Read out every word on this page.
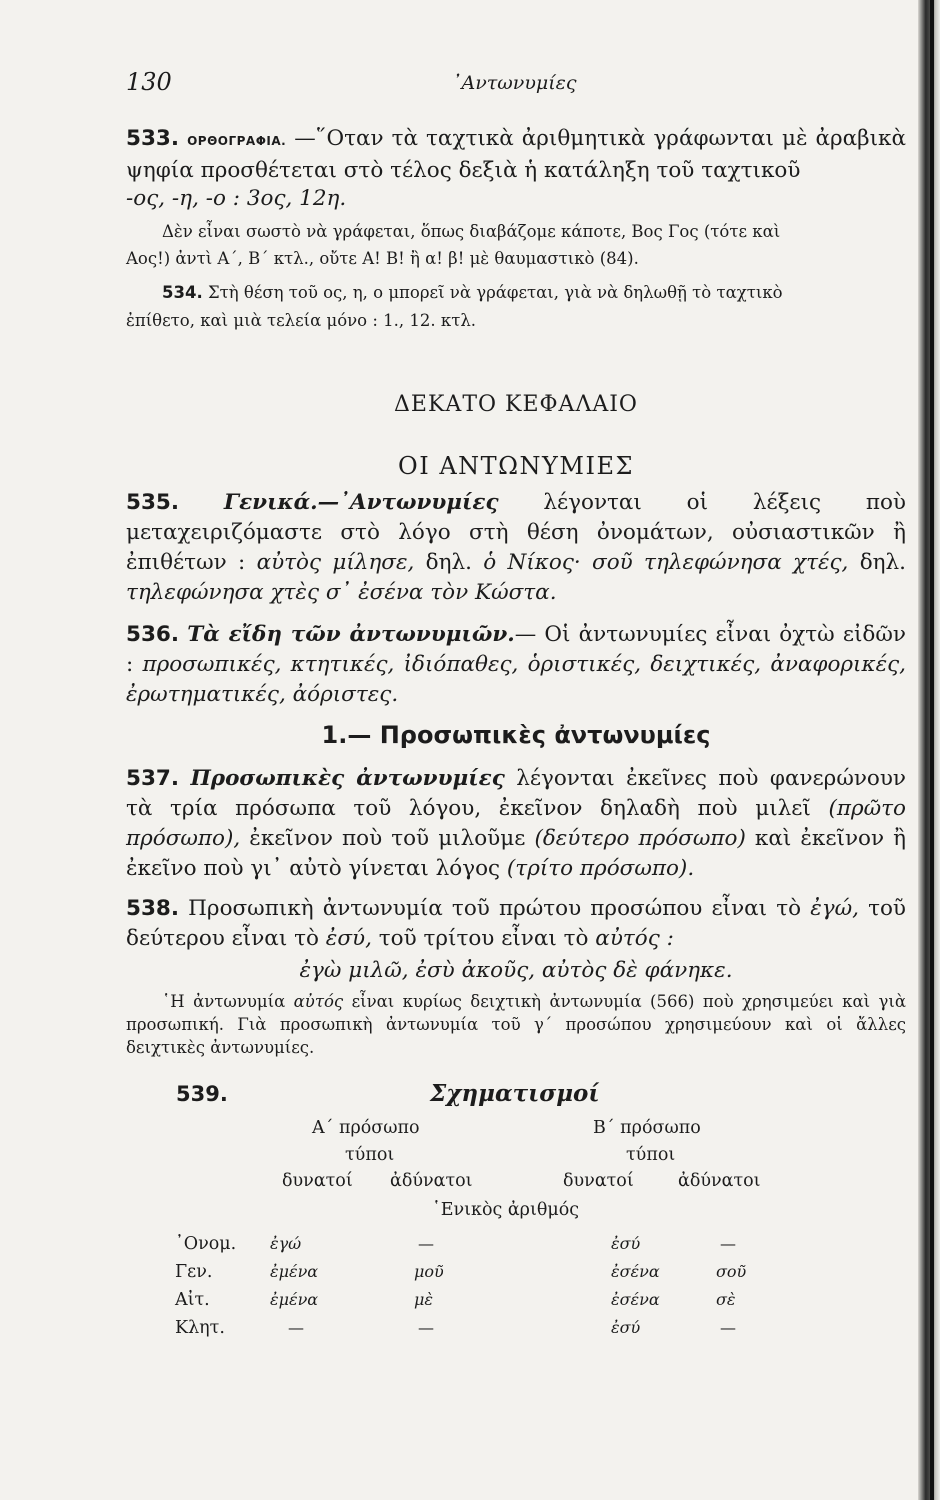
130	᾿Αντωνυμίες
533. ΟΡΘΟΓΡΑΦΙΑ. —῞Οταν τὰ ταχτικὰ ἀριθμητικὰ γράφωνται μὲ ἀραβικὰ ψηφία προσθέτεται στὸ τέλος δεξιὰ ἡ κατάληξη τοῦ ταχτικοῦ
-ος, -η, -ο : 3ος, 12η.
Δὲν εἶναι σωστὸ νὰ γράφεται, ὅπως διαβάζομε κάποτε, Βος Γος (τότε καὶ
Αος!) ἀντὶ Α΄, Β΄ κτλ., οὔτε Α! Β! ἢ α! β! μὲ θαυμαστικὸ (84).
534. Στὴ θέση τοῦ ος, η, ο μπορεῖ νὰ γράφεται, γιὰ νὰ δηλωθῇ τὸ ταχτικὸ
ἐπίθετο, καὶ μιὰ τελεία μόνο : 1., 12. κτλ.
ΔΕΚΑΤΟ ΚΕΦΑΛΑΙΟ
ΟΙ ΑΝΤΩΝΥΜΙΕΣ
535. Γενικά.—᾿Αντωνυμίες λέγονται οἱ λέξεις ποὺ μεταχειριζόμαστε στὸ λόγο στὴ θέση ὀνομάτων, οὐσιαστικῶν ἢ ἐπιθέτων : αὐτὸς μίλησε, δηλ. ὁ Νίκος· σοῦ τηλεφώνησα χτές, δηλ. τηλεφώνησα χτὲς σ᾿ ἐσένα τὸν Κώστα.
536. Τὰ εἴδη τῶν ἀντωνυμιῶν.— Οἱ ἀντωνυμίες εἶναι ὀχτὼ εἰδῶν : προσωπικές, κτητικές, ἰδιόπαθες, ὁριστικές, δειχτικές, ἀναφορικές, ἐρωτηματικές, ἀόριστες.
1.— Προσωπικὲς ἀντωνυμίες
537. Προσωπικὲς ἀντωνυμίες λέγονται ἐκεῖνες ποὺ φανερώνουν τὰ τρία πρόσωπα τοῦ λόγου, ἐκεῖνον δηλαδὴ ποὺ μιλεῖ (πρῶτο πρόσωπο), ἐκεῖνον ποὺ τοῦ μιλοῦμε (δεύτερο πρόσωπο) καὶ ἐκεῖνον ἢ ἐκεῖνο ποὺ γι᾿ αὐτὸ γίνεται λόγος (τρίτο πρόσωπο).
538. Προσωπικὴ ἀντωνυμία τοῦ πρώτου προσώπου εἶναι τὸ ἐγώ, τοῦ δεύτερου εἶναι τὸ ἐσύ, τοῦ τρίτου εἶναι τὸ αὐτός :
ἐγὼ μιλῶ, ἐσὺ ἀκοῦς, αὐτὸς δὲ φάνηκε.
῾Η ἀντωνυμία αὐτός εἶναι κυρίως δειχτικὴ ἀντωνυμία (566) ποὺ χρησιμεύει καὶ γιὰ προσωπική. Γιὰ προσωπικὴ ἀντωνυμία τοῦ γ΄ προσώπου χρησιμεύουν καὶ οἱ ἄλλες δειχτικὲς ἀντωνυμίες.
539.	Σχηματισμοί
Α΄ πρόσωπο	Β΄ πρόσωπο
τύποι	τύποι
δυνατοί ἀδύνατοι	δυνατοί	ἀδύνατοι
῾Ενικὸς ἀριθμός
᾿Ονομ. ἐγώ	—	ἐσύ	—
Γεν.	ἐμένα	μοῦ	ἐσένα	σοῦ
Αἰτ.	ἐμένα	μὲ	ἐσένα	σὲ
Κλητ.	—	—	ἐσύ	—
